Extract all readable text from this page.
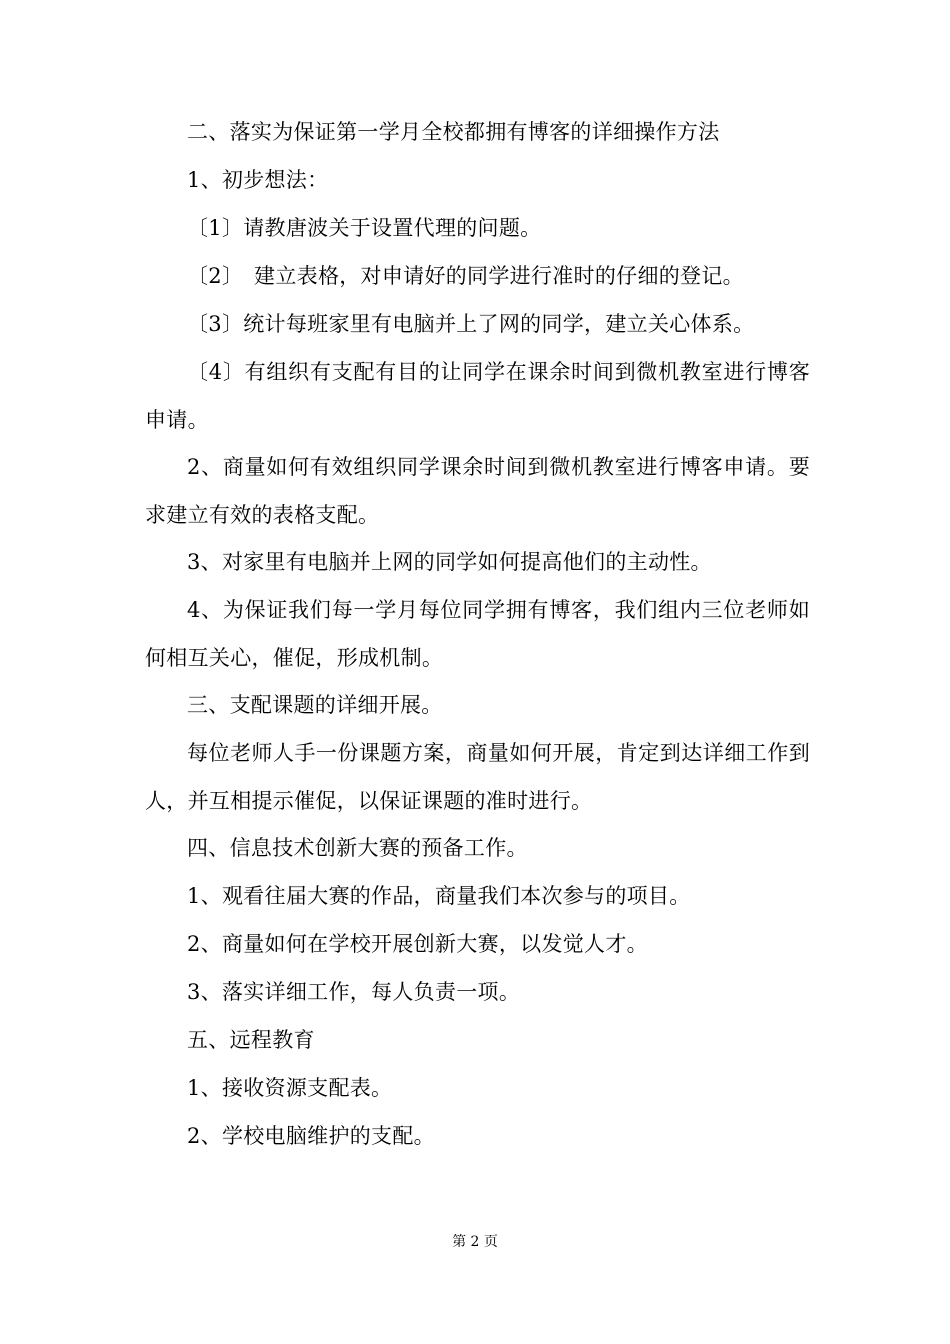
二、落实为保证第一学月全校都拥有博客的详细操作方法

1、初步想法：

〔1〕请教唐波关于设置代理的问题。

〔2〕　建立表格，对申请好的同学进行准时的仔细的登记。

〔3〕统计每班家里有电脑并上了网的同学，建立关心体系。

〔4〕有组织有支配有目的让同学在课余时间到微机教室进行博客申请。

2、商量如何有效组织同学课余时间到微机教室进行博客申请。要求建立有效的表格支配。

3、对家里有电脑并上网的同学如何提高他们的主动性。

4、为保证我们每一学月每位同学拥有博客，我们组内三位老师如何相互关心，催促，形成机制。

三、支配课题的详细开展。

每位老师人手一份课题方案，商量如何开展，肯定到达详细工作到人，并互相提示催促，以保证课题的准时进行。

四、信息技术创新大赛的预备工作。

1、观看往届大赛的作品，商量我们本次参与的项目。

2、商量如何在学校开展创新大赛，以发觉人才。

3、落实详细工作，每人负责一项。

五、远程教育

1、接收资源支配表。

2、学校电脑维护的支配。

第 2 页
